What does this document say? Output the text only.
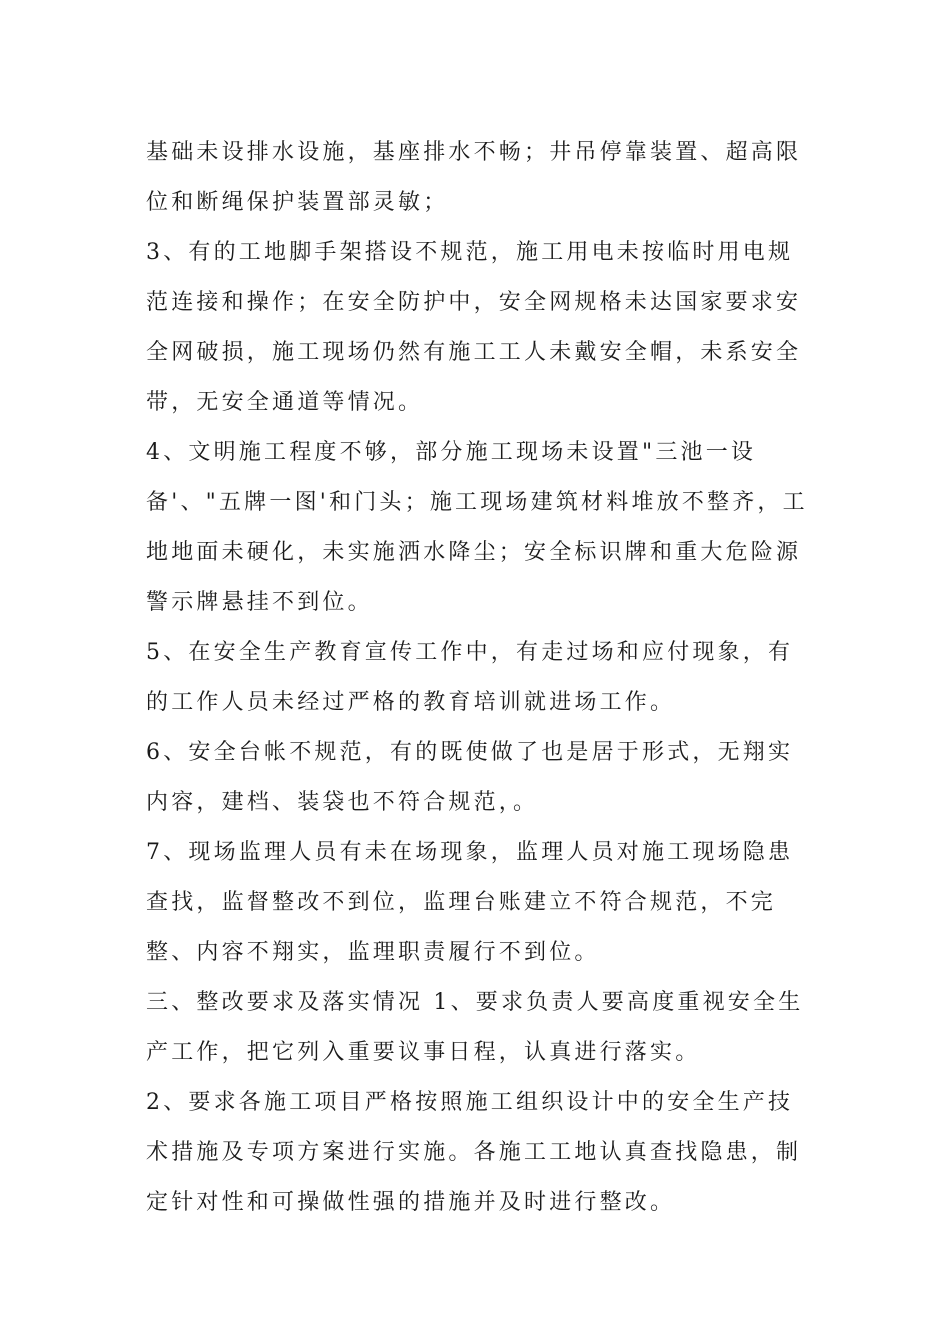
基础未设排水设施，基座排水不畅；井吊停靠装置、超高限位和断绳保护装置部灵敏；

3、有的工地脚手架搭设不规范，施工用电未按临时用电规范连接和操作；在安全防护中，安全网规格未达国家要求安全网破损，施工现场仍然有施工工人未戴安全帽，未系安全带，无安全通道等情况。

4、文明施工程度不够，部分施工现场未设置"三池一设备'、"五牌一图'和门头；施工现场建筑材料堆放不整齐，工地地面未硬化，未实施洒水降尘；安全标识牌和重大危险源警示牌悬挂不到位。

5、在安全生产教育宣传工作中，有走过场和应付现象，有的工作人员未经过严格的教育培训就进场工作。

6、安全台帐不规范，有的既使做了也是居于形式，无翔实内容，建档、装袋也不符合规范，。

7、现场监理人员有未在场现象，监理人员对施工现场隐患查找，监督整改不到位，监理台账建立不符合规范，不完整、内容不翔实，监理职责履行不到位。

三、整改要求及落实情况 1、要求负责人要高度重视安全生产工作，把它列入重要议事日程，认真进行落实。

2、要求各施工项目严格按照施工组织设计中的安全生产技术措施及专项方案进行实施。各施工工地认真查找隐患，制定针对性和可操做性强的措施并及时进行整改。
